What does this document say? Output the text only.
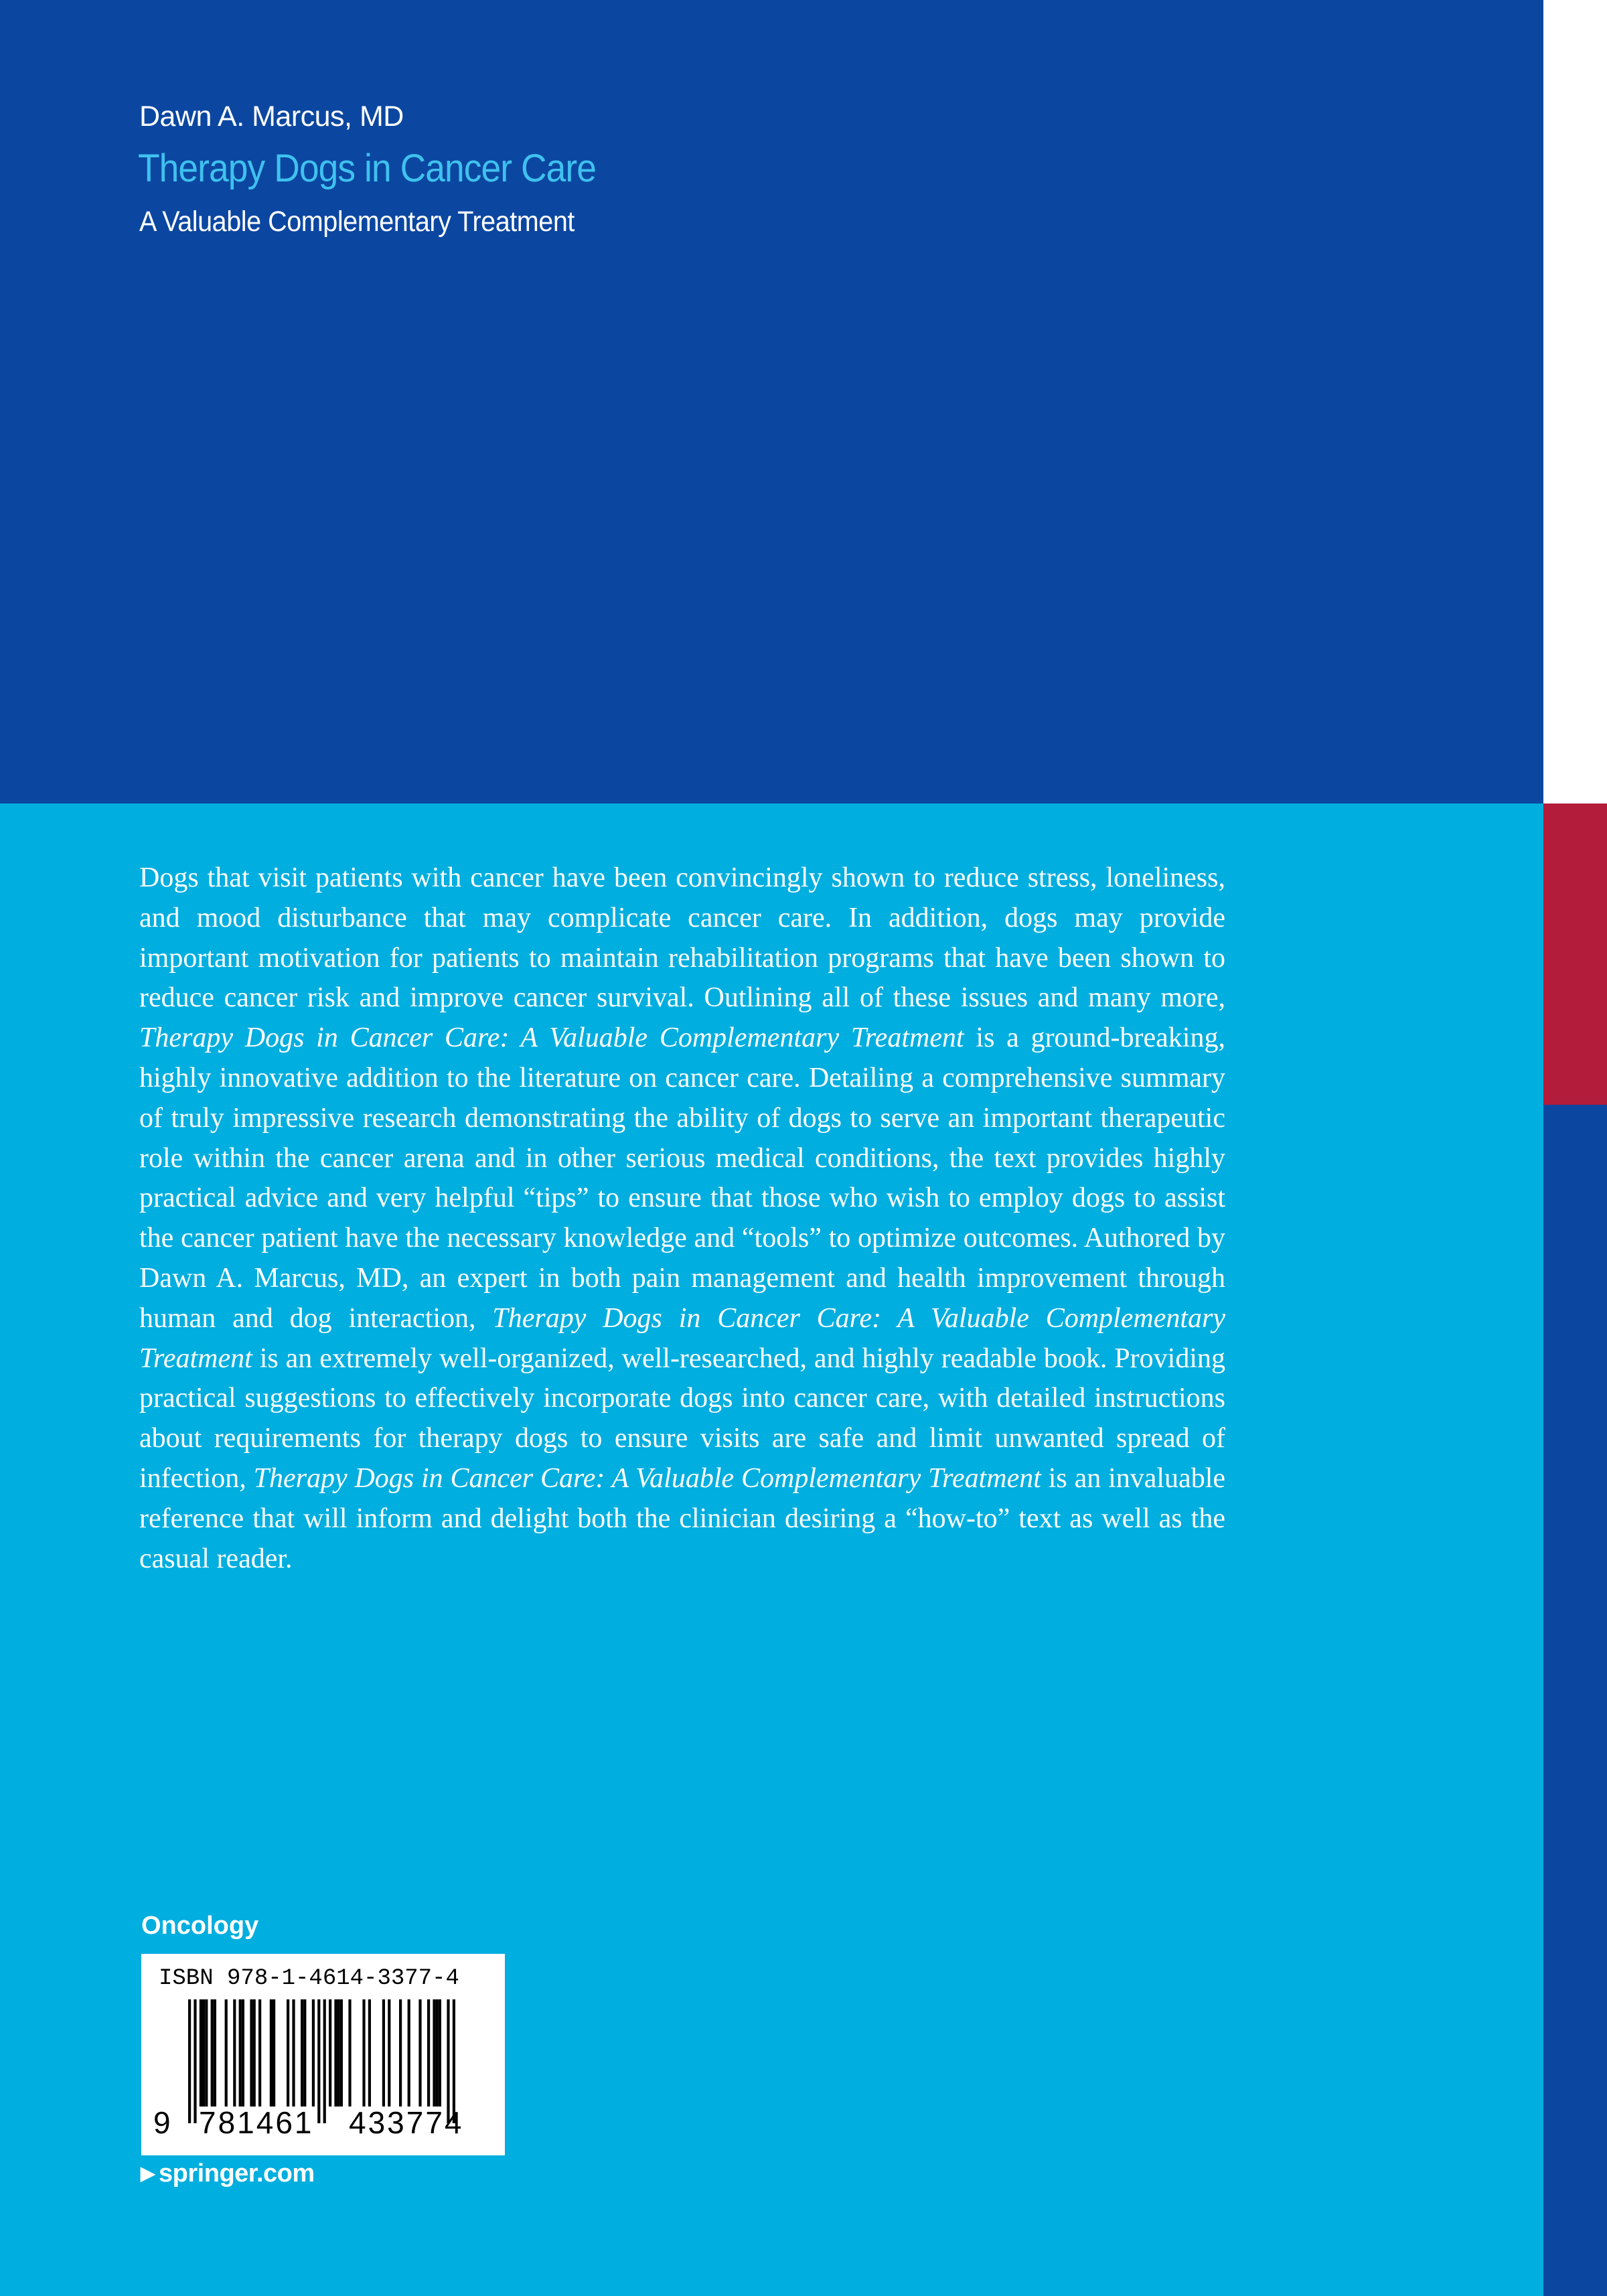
Dawn A. Marcus, MD
Therapy Dogs in Cancer Care
A Valuable Complementary Treatment

Dogs that visit patients with cancer have been convincingly shown to reduce stress, loneliness, and mood disturbance that may complicate cancer care. In addition, dogs may provide important motivation for patients to maintain rehabilitation programs that have been shown to reduce cancer risk and improve cancer survival. Outlining all of these issues and many more, Therapy Dogs in Cancer Care: A Valuable Complementary Treatment is a ground-breaking, highly innovative addition to the literature on cancer care. Detailing a comprehensive summary of truly impressive research demonstrating the ability of dogs to serve an important therapeutic role within the cancer arena and in other serious medical conditions, the text provides highly practical advice and very helpful “tips” to ensure that those who wish to employ dogs to assist the cancer patient have the necessary knowledge and “tools” to optimize outcomes. Authored by Dawn A. Marcus, MD, an expert in both pain management and health improvement through human and dog interaction, Therapy Dogs in Cancer Care: A Valuable Complementary Treatment is an extremely well-organized, well-researched, and highly readable book. Providing practical suggestions to effectively incorporate dogs into cancer care, with detailed instructions about requirements for therapy dogs to ensure visits are safe and limit unwanted spread of infection, Therapy Dogs in Cancer Care: A Valuable Complementary Treatment is an invaluable reference that will inform and delight both the clinician desiring a “how-to” text as well as the casual reader.

Oncology
ISBN 978-1-4614-3377-4
9 781461 433774
▶ springer.com
